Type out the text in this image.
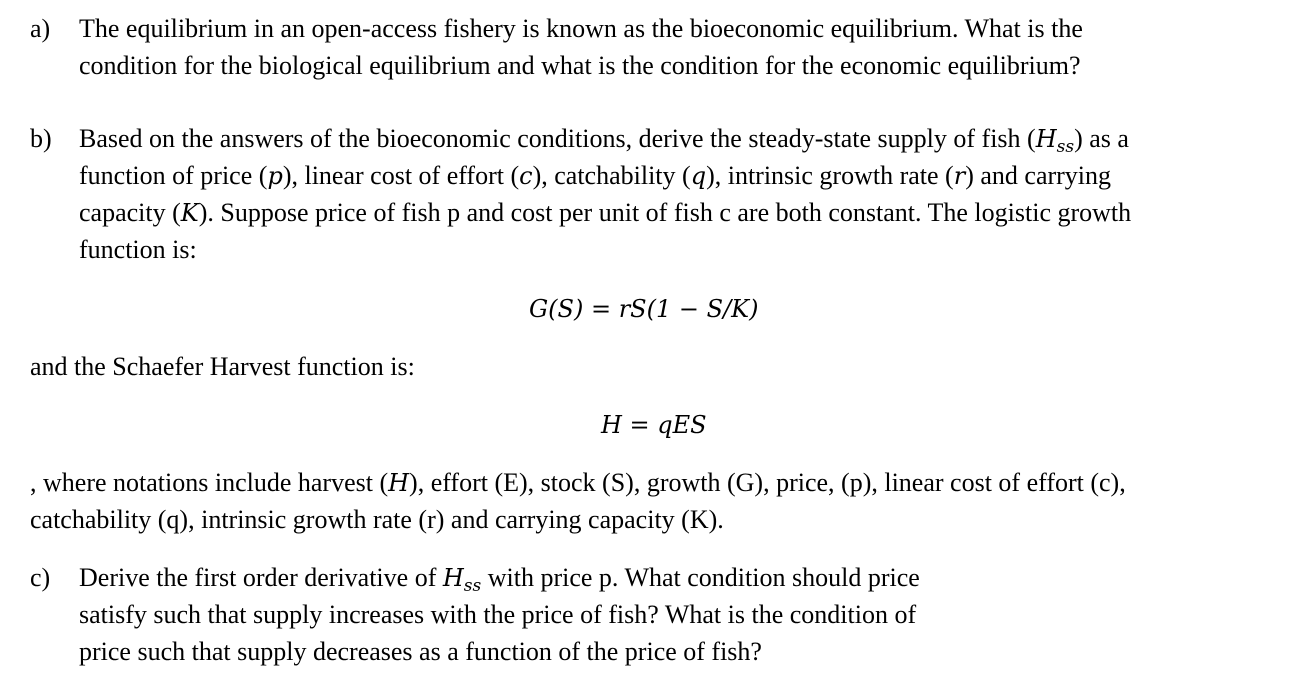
a) The equilibrium in an open-access fishery is known as the bioeconomic equilibrium. What is the
condition for the biological equilibrium and what is the condition for the economic equilibrium?
b) Based on the answers of the bioeconomic conditions, derive the steady-state supply of fish $(H_{ss})$ as a
function of price (p), linear cost of effort (c), catchability (q), intrinsic growth rate (r) and carrying
capacity (K). Suppose price of fish p and cost per unit of fish c are both constant. The logistic growth
function is:
G(S) = rS(1 − S/K)
and the Schaefer Harvest function is:
H = qES
, where notations include harvest (H), effort (E), stock (S), growth (G), price, (p), linear cost of effort (c),
catchability (q), intrinsic growth rate (r) and carrying capacity (K).
c) Derive the first order derivative of $H_{ss}$ with price p. What condition should price
satisfy such that supply increases with the price of fish? What is the condition of
price such that supply decreases as a function of the price of fish?
